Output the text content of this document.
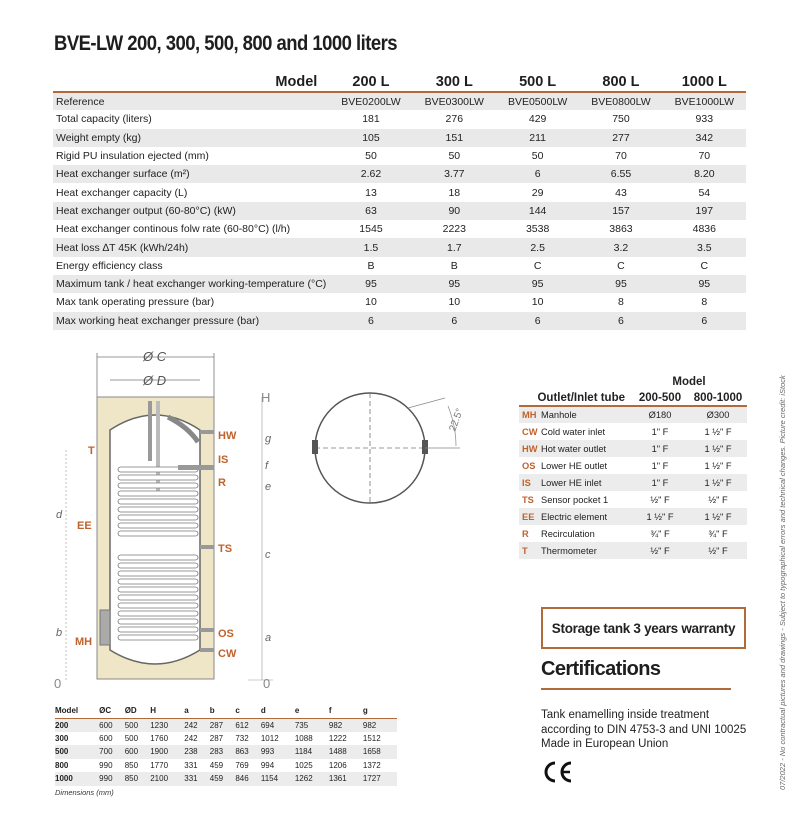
BVE-LW 200, 300, 500, 800 and 1000 liters
Model	200 L	300 L	500 L	800 L	1000 L
Reference	BVE0200LW	BVE0300LW	BVE0500LW	BVE0800LW	BVE1000LW
Total capacity (liters)	181	276	429	750	933
Weight empty (kg)	105	151	211	277	342
Rigid PU insulation ejected (mm)	50	50	50	70	70
Heat exchanger surface (m²)	2.62	3.77	6	6.55	8.20
Heat exchanger capacity (L)	13	18	29	43	54
Heat exchanger output (60-80°C) (kW)	63	90	144	157	197
Heat exchanger continous folw rate (60-80°C) (l/h)	1545	2223	3538	3863	4836
Heat loss ∆T 45K (kWh/24h)	1.5	1.7	2.5	3.2	3.5
Energy efficiency class	B	B	C	C	C
Maximum tank / heat exchanger working-temperature (°C)	95	95	95	95	95
Max tank operating pressure (bar)	10	10	10	8	8
Max working heat exchanger pressure (bar)	6	6	6	6	6
Ø C
Ø D
H
g
f
e
c
a
0
d
b
0
HW
IS
R
TS
OS
CW
T
EE
MH
22.5°
		Model	
Outlet/Inlet tube		200-500	800-1000
MH	Manhole	Ø180	Ø300
CW	Cold water inlet	1" F	1 ½" F
HW	Hot water outlet	1" F	1 ½" F
OS	Lower HE outlet	1" F	1 ½" F
IS	Lower HE inlet	1" F	1 ½" F
TS	Sensor pocket 1	½" F	½" F
EE	Electric element	1 ½" F	1 ½" F
R	Recirculation	¾" F	¾" F
T	Thermometer	½" F	½" F
Model	ØC	ØD	H	a	b	c	d	e	f	g
200	600	500	1230	242	287	612	694	735	982	982
300	600	500	1760	242	287	732	1012	1088	1222	1512
500	700	600	1900	238	283	863	993	1184	1488	1658
800	990	850	1770	331	459	769	994	1025	1206	1372
1000	990	850	2100	331	459	846	1154	1262	1361	1727
Dimensions (mm)
Storage tank 3 years warranty
Certifications
Tank enamelling inside treatment
according to DIN 4753-3 and UNI 10025
Made in European Union	07/2022 - No contractual pictures and drawings - Subject to typographical errors and technical changes. Picture credit: iStock
